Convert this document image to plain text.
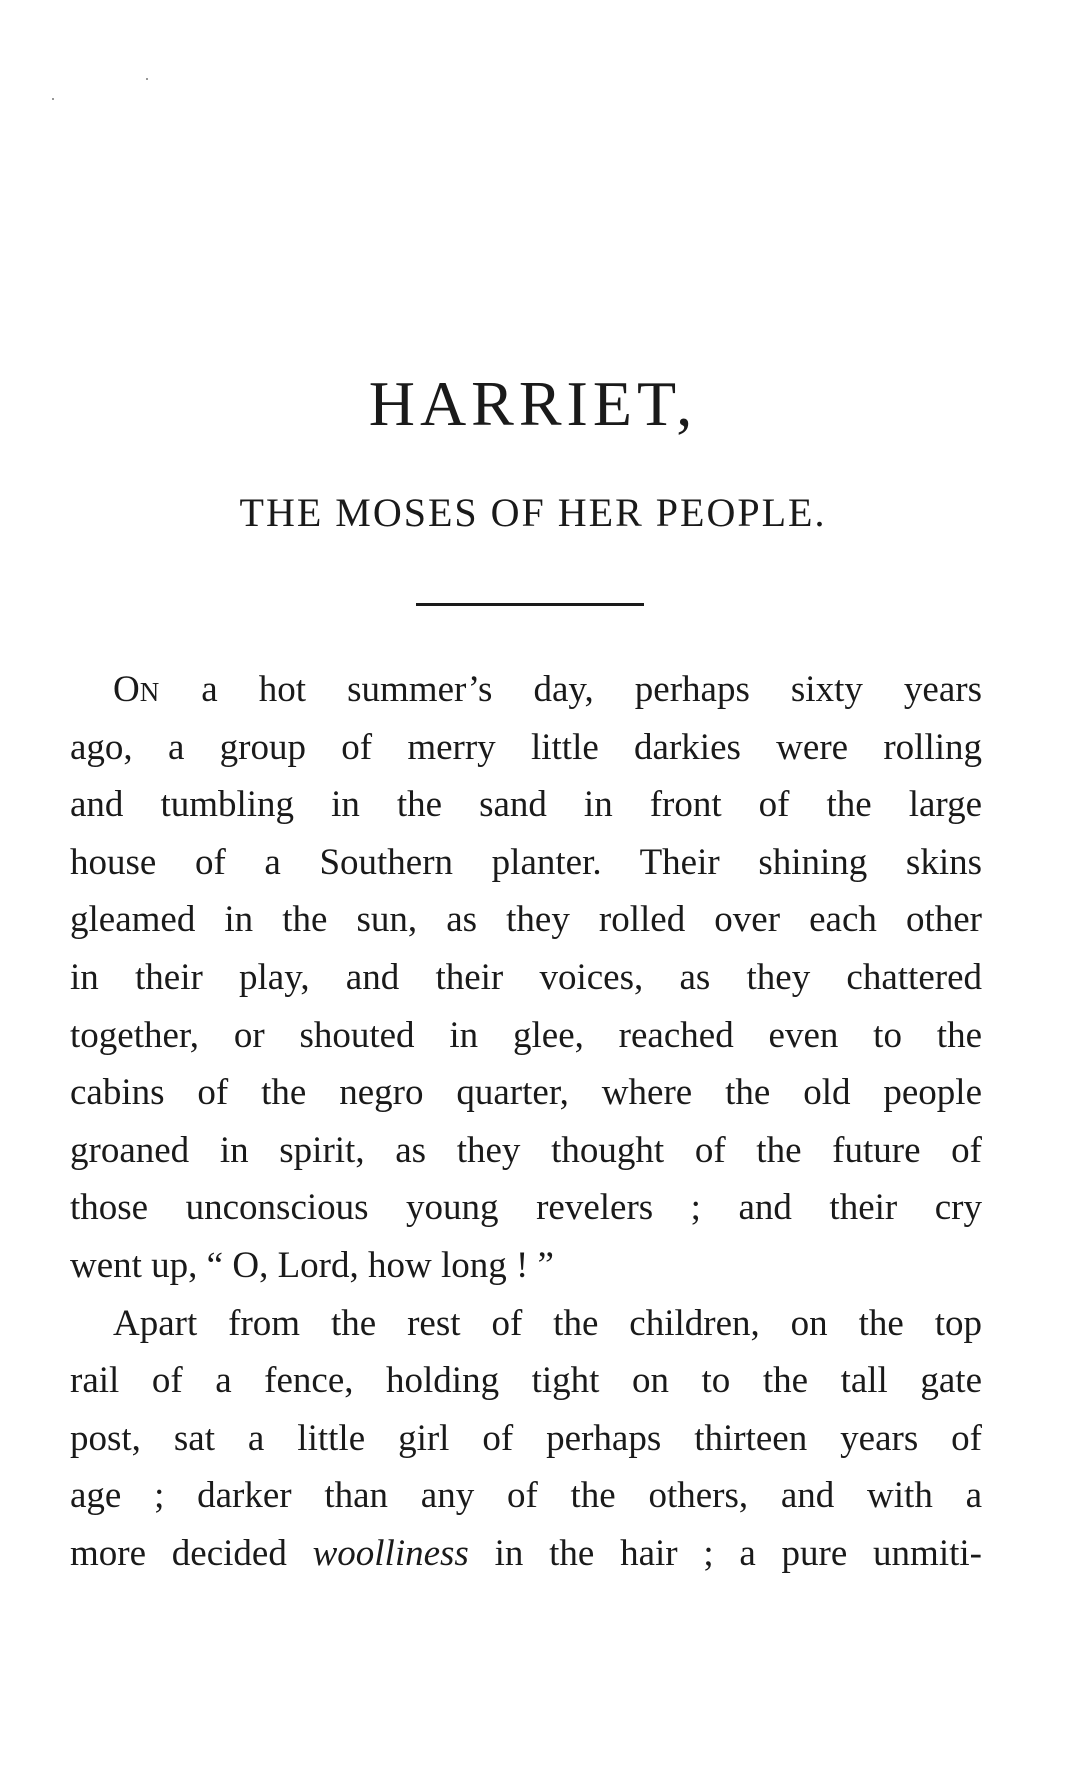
HARRIET,
THE MOSES OF HER PEOPLE.
ON a hot summer’s day, perhaps sixty years
ago, a group of merry little darkies were rolling
and tumbling in the sand in front of the large
house of a Southern planter. Their shining skins
gleamed in the sun, as they rolled over each other
in their play, and their voices, as they chattered
together, or shouted in glee, reached even to the
cabins of the negro quarter, where the old people
groaned in spirit, as they thought of the future of
those unconscious young revelers ; and their cry
went up, “ O, Lord, how long ! ”
Apart from the rest of the children, on the top
rail of a fence, holding tight on to the tall gate
post, sat a little girl of perhaps thirteen years of
age ; darker than any of the others, and with a
more decided woolliness in the hair ; a pure unmiti-
